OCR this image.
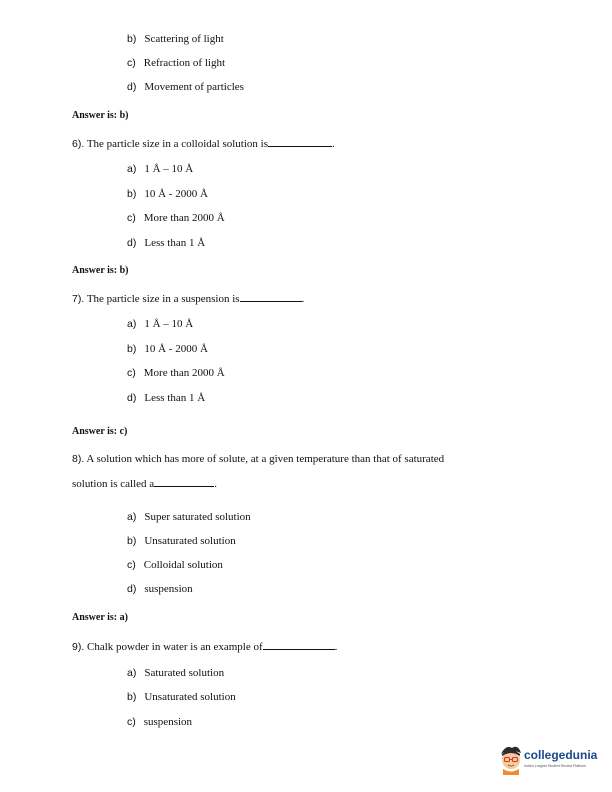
b) Scattering of light
c) Refraction of light
d) Movement of particles
Answer is: b)
6). The particle size in a colloidal solution is	.
a) 1 Å – 10 Å
b) 10 Å - 2000 Å
c) More than 2000 Å
d) Less than 1 Å
Answer is: b)
7). The particle size in a suspension is	.
a) 1 Å – 10 Å
b) 10 Å - 2000 Å
c) More than 2000 Å
d) Less than 1 Å
Answer is: c)
8). A solution which has more of solute, at a given temperature than that of saturated
solution is called a	.
a) Super saturated solution
b) Unsaturated solution
c) Colloidal solution
d) suspension
Answer is: a)
9). Chalk powder in water is an example of	.
a) Saturated solution
b) Unsaturated solution
c) suspension
collegedunia
India's Largest Student Review Platform
